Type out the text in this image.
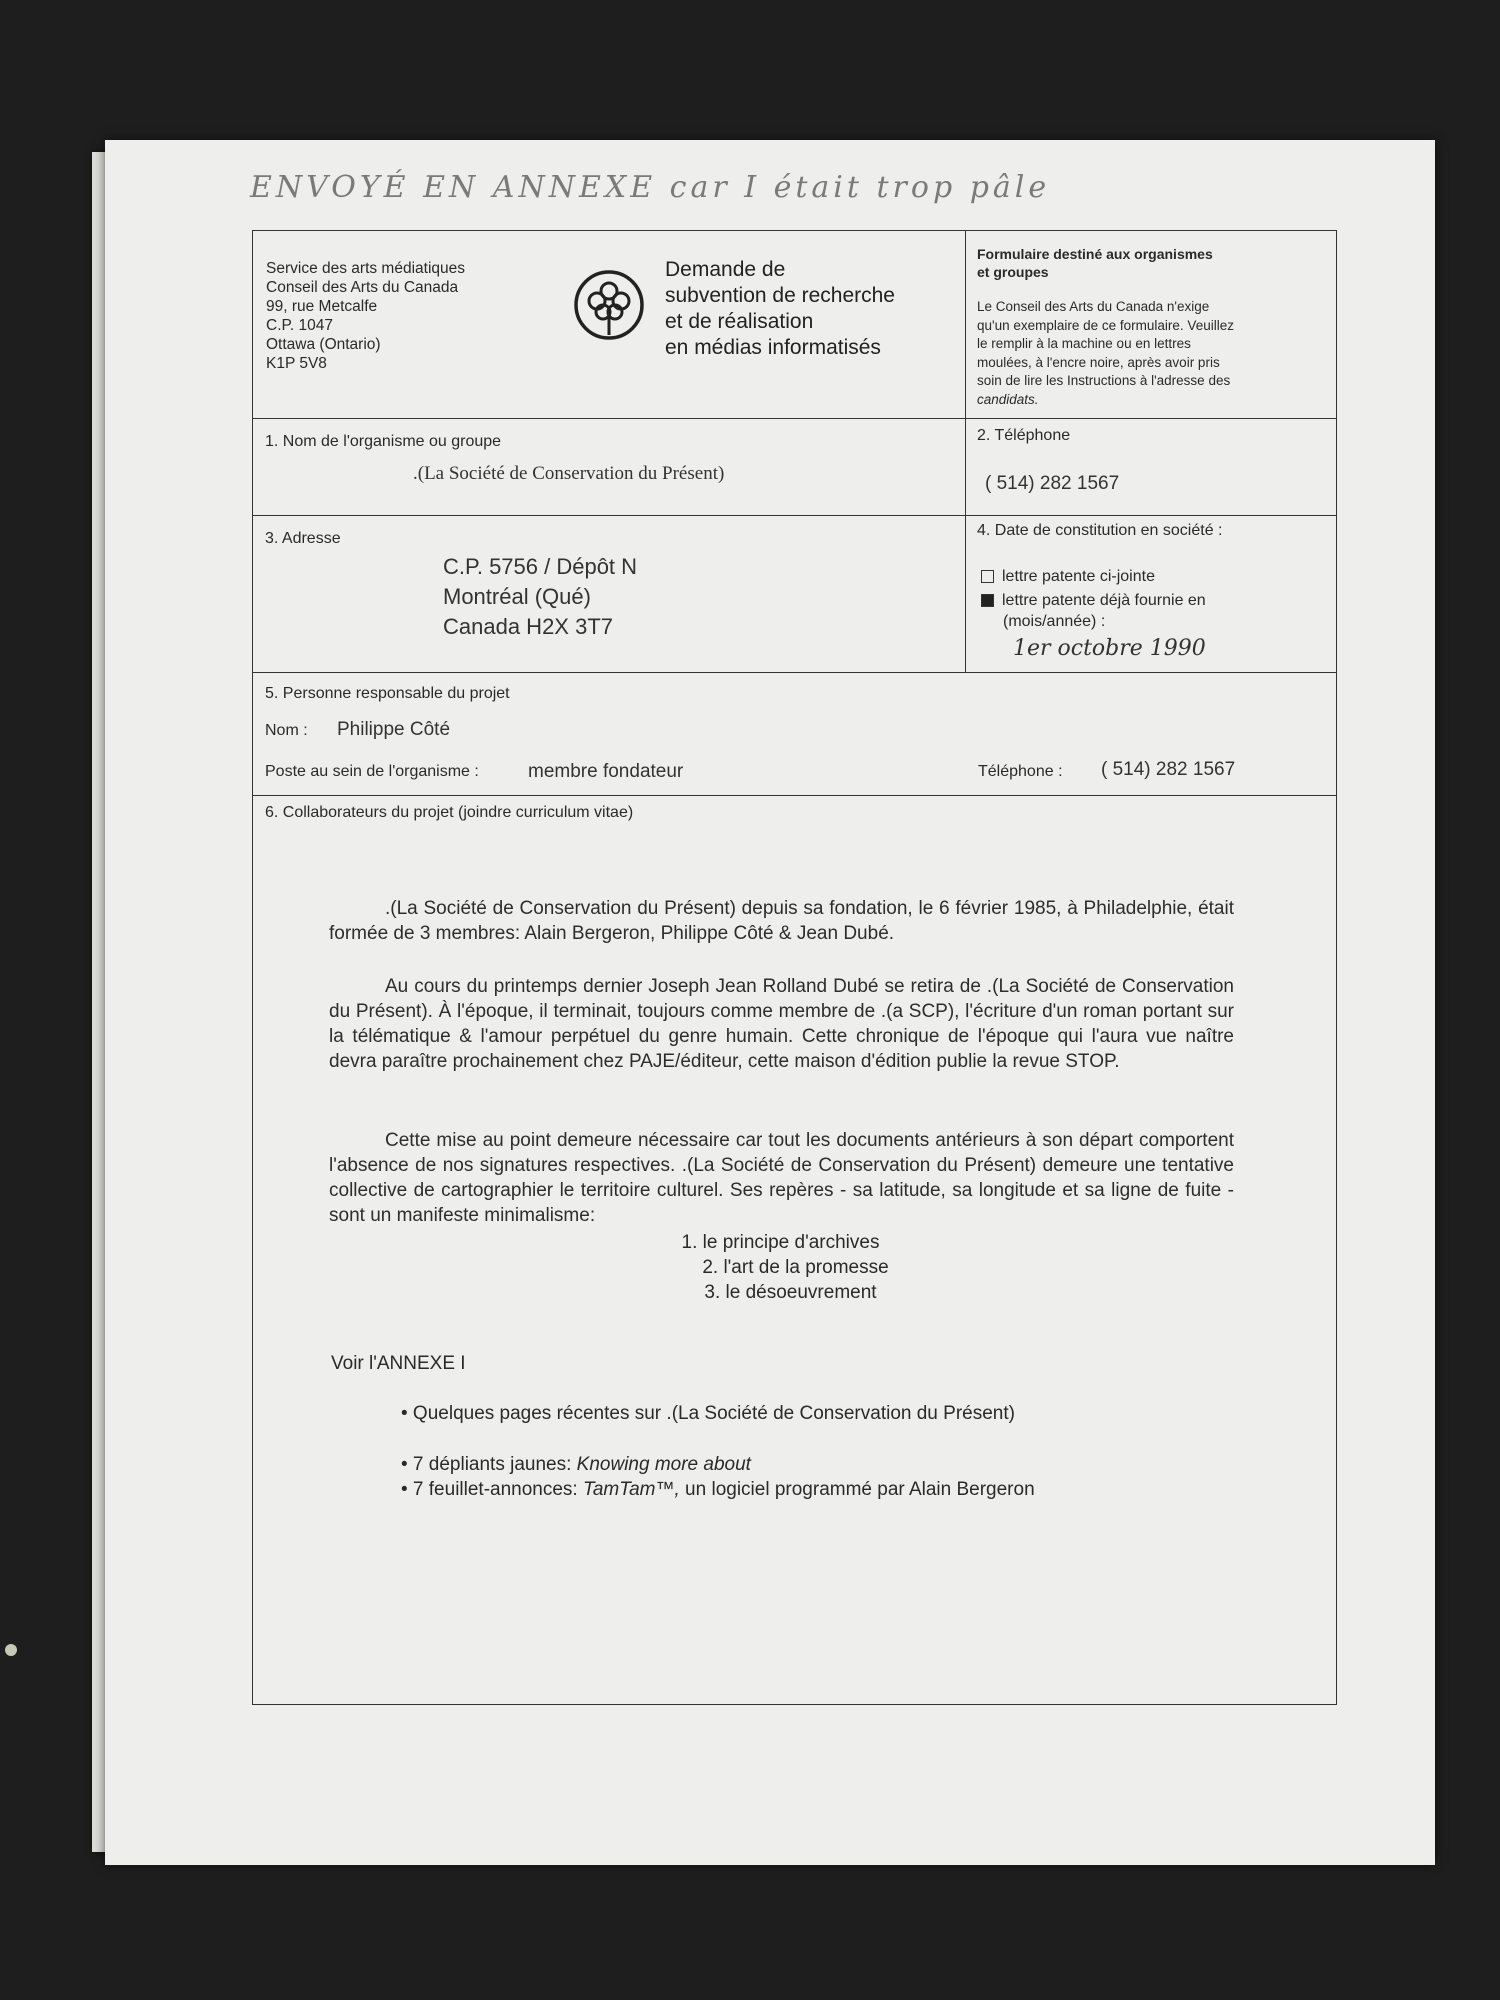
ENVOYÉ EN ANNEXE car I était trop pâle
Service des arts médiatiques
Conseil des Arts du Canada
99, rue Metcalfe
C.P. 1047
Ottawa (Ontario)
K1P 5V8
Demande de
subvention de recherche
et de réalisation
en médias informatisés
Formulaire destiné aux organismes
et groupes
Le Conseil des Arts du Canada n'exige
qu'un exemplaire de ce formulaire. Veuillez
le remplir à la machine ou en lettres
moulées, à l'encre noire, après avoir pris
soin de lire les Instructions à l'adresse des
candidats.
1. Nom de l'organisme ou groupe
.(La Société de Conservation du Présent)
2. Téléphone
( 514) 282 1567
3. Adresse
C.P. 5756 / Dépôt N
Montréal (Qué)
Canada H2X 3T7
4. Date de constitution en société :
lettre patente ci-jointe
lettre patente déjà fournie en
(mois/année) :
1er octobre 1990
5. Personne responsable du projet
Nom : Philippe Côté
Poste au sein de l'organisme :	membre fondateur	Téléphone : ( 514) 282 1567
6. Collaborateurs du projet (joindre curriculum vitae)
.(La Société de Conservation du Présent) depuis sa fondation, le 6 février 1985, à Philadelphie, était formée de 3 membres: Alain Bergeron, Philippe Côté & Jean Dubé.
Au cours du printemps dernier Joseph Jean Rolland Dubé se retira de .(La Société de Conservation du Présent). À l'époque, il terminait, toujours comme membre de .(a SCP), l'écriture d'un roman portant sur la télématique & l'amour perpétuel du genre humain. Cette chronique de l'époque qui l'aura vue naître devra paraître prochainement chez PAJE/éditeur, cette maison d'édition publie la revue STOP.
Cette mise au point demeure nécessaire car tout les documents antérieurs à son départ comportent l'absence de nos signatures respectives. .(La Société de Conservation du Présent) demeure une tentative collective de cartographier le territoire culturel. Ses repères - sa latitude, sa longitude et sa ligne de fuite - sont un manifeste minimalisme:
1. le principe d'archives
2. l'art de la promesse
3. le désoeuvrement
Voir l'ANNEXE I
• Quelques pages récentes sur .(La Société de Conservation du Présent)
• 7 dépliants jaunes: Knowing more about
• 7 feuillet-annonces: TamTam™, un logiciel programmé par Alain Bergeron
